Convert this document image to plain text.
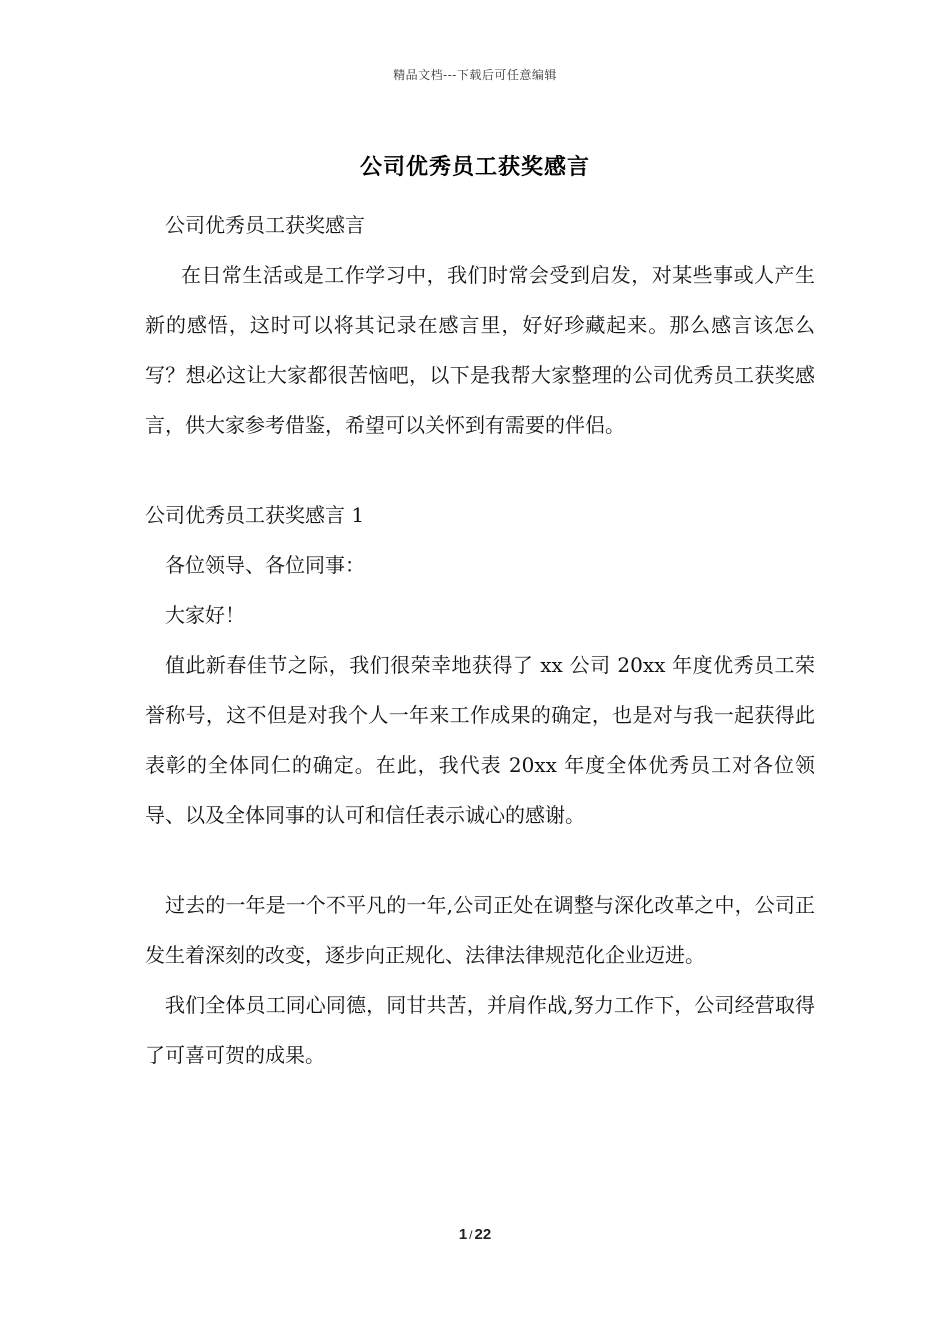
精品文档---下载后可任意编辑
公司优秀员工获奖感言

公司优秀员工获奖感言

在日常生活或是工作学习中，我们时常会受到启发，对某些事或人产生新的感悟，这时可以将其记录在感言里，好好珍藏起来。那么感言该怎么写？想必这让大家都很苦恼吧，以下是我帮大家整理的公司优秀员工获奖感言，供大家参考借鉴，希望可以关怀到有需要的伴侣。

公司优秀员工获奖感言 1

各位领导、各位同事：

大家好！

值此新春佳节之际，我们很荣幸地获得了 xx 公司 20xx 年度优秀员工荣誉称号，这不但是对我个人一年来工作成果的确定，也是对与我一起获得此表彰的全体同仁的确定。在此，我代表 20xx 年度全体优秀员工对各位领导、以及全体同事的认可和信任表示诚心的感谢。

过去的一年是一个不平凡的一年,公司正处在调整与深化改革之中，公司正发生着深刻的改变，逐步向正规化、法律法律规范化企业迈进。

我们全体员工同心同德，同甘共苦，并肩作战,努力工作下，公司经营取得了可喜可贺的成果。

1 / 22
